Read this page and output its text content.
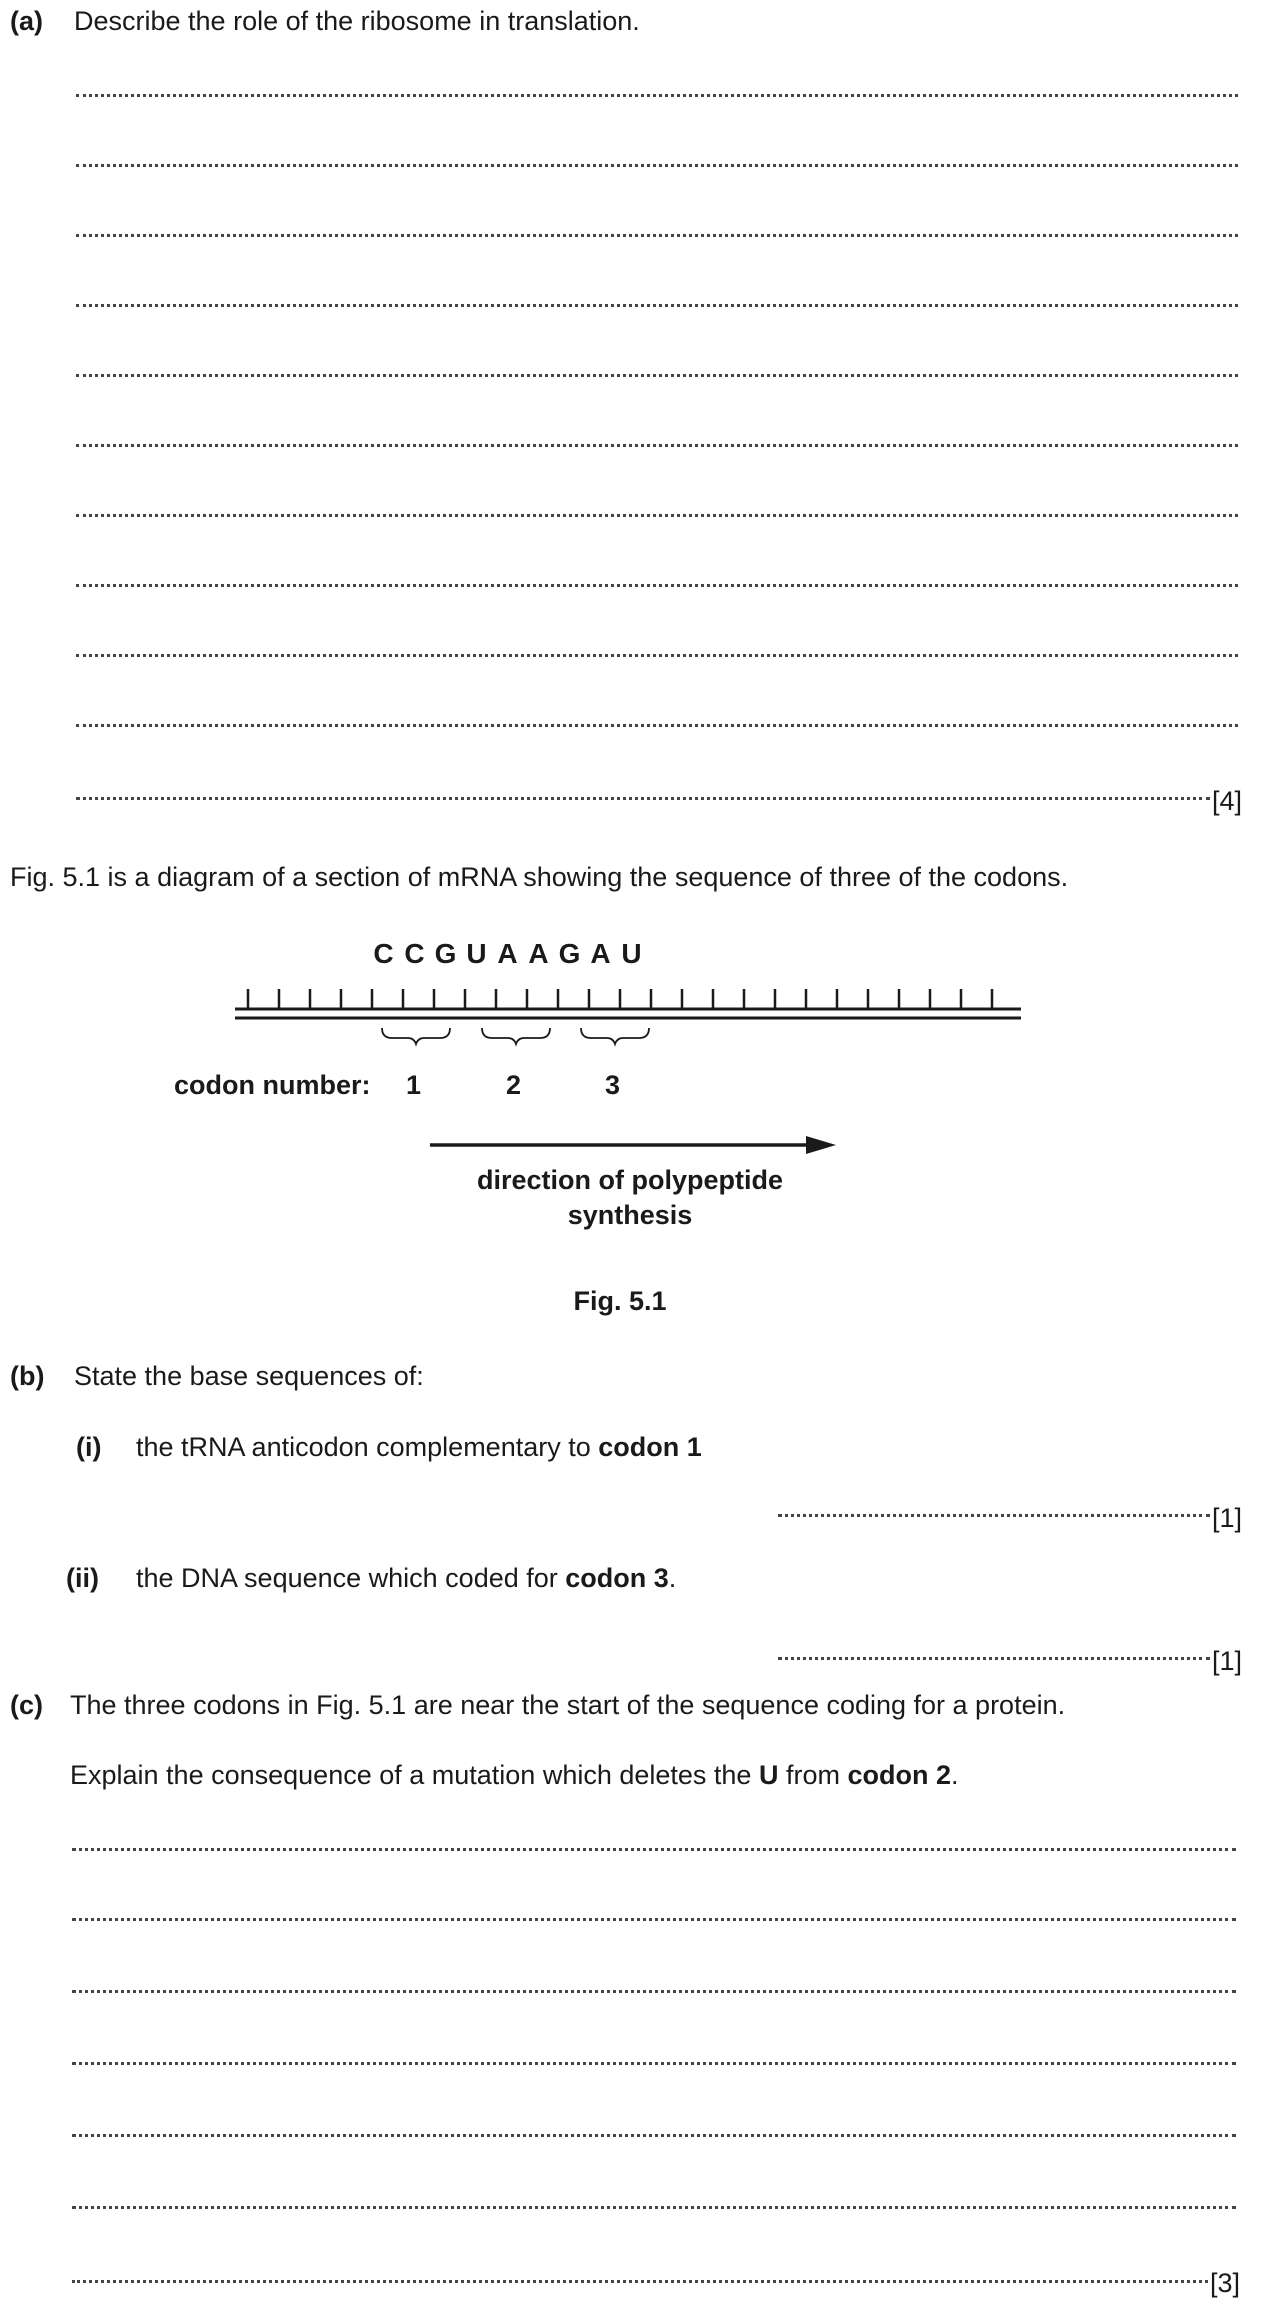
(a) Describe the role of the ribosome in translation.
[4]
Fig. 5.1 is a diagram of a section of mRNA showing the sequence of three of the codons.
C C G U A A G A U
codon number: 1	2	3
direction of polypeptide
synthesis
Fig. 5.1
(b) State the base sequences of:
(i) the tRNA anticodon complementary to codon 1
[1]
(ii) the DNA sequence which coded for codon 3.
[1]
(c) The three codons in Fig. 5.1 are near the start of the sequence coding for a protein.
Explain the consequence of a mutation which deletes the U from codon 2.
[3]
